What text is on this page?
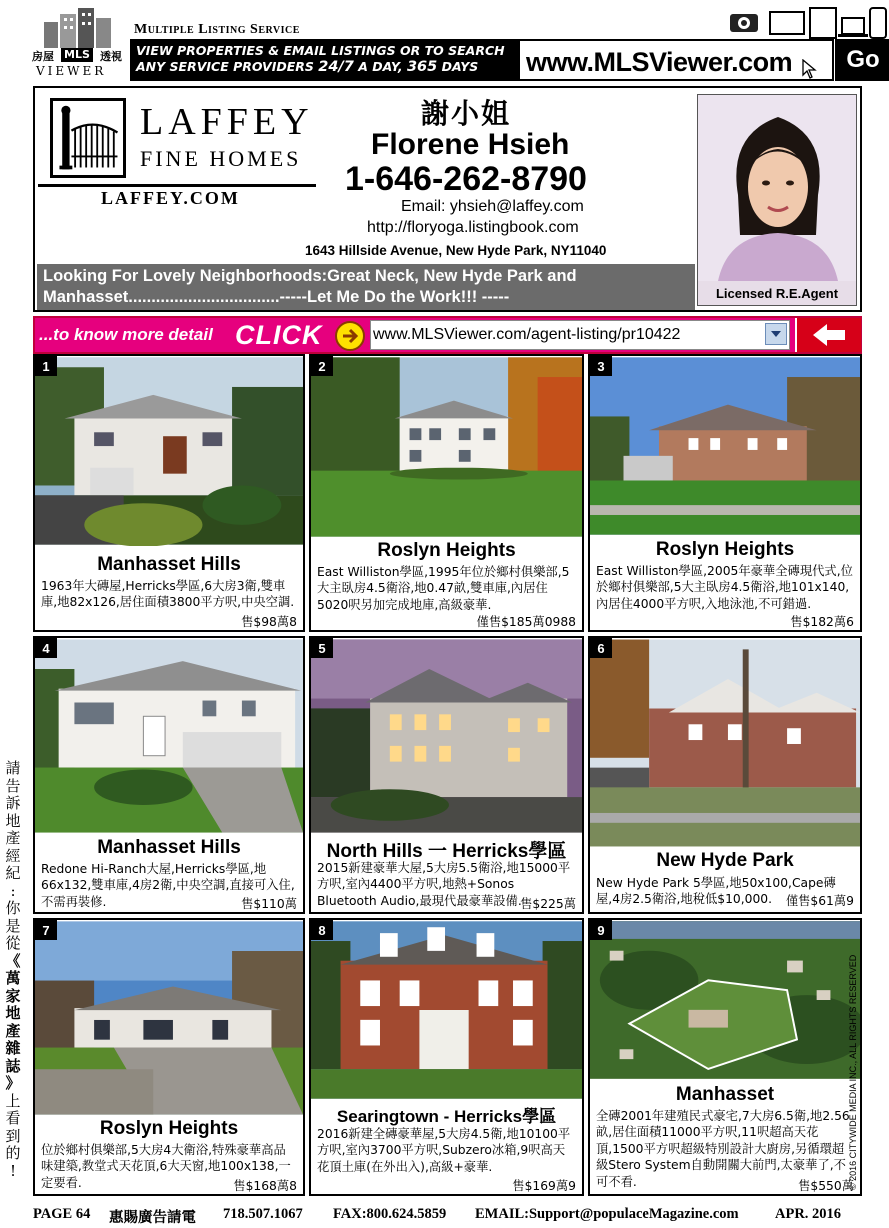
房屋 MLS 透視
VIEWER
Multiple Listing Service
VIEW PROPERTIES & EMAIL LISTINGS OR TO SEARCH
ANY SERVICE PROVIDERS 24/7 A DAY, 365 DAYS	www.MLSViewer.com	Go
LAFFEY
FINE HOMES
LAFFEY.COM
謝小姐
Florene Hsieh
1-646-262-8790
Email: yhsieh@laffey.com
http://floryoga.listingbook.com
1643 Hillside Avenue, New Hyde Park, NY11040
Licensed R.E.Agent
Looking For Lovely Neighborhoods:Great Neck, New Hyde Park and
Manhasset.................................-----Let Me Do the Work!!! -----
...to know more detail CLICK	www.MLSViewer.com/agent-listing/pr10422
1
Manhasset Hills
1963年大磚屋,Herricks學區,6大房3衛,雙車庫,地82x126,居住面積3800平方呎,中央空調.
售$98萬8
2
Roslyn Heights
East Williston學區,1995年位於鄉村俱樂部,5大主臥房4.5衛浴,地0.47畝,雙車庫,內居住5020呎另加完成地庫,高級豪華.
僅售$185萬0988
3
Roslyn Heights
East Williston學區,2005年豪華全磚現代式,位於鄉村俱樂部,5大主臥房4.5衛浴,地101x140,內居住4000平方呎,入地泳池,不可錯過.
售$182萬6
4
Manhasset Hills
Redone Hi-Ranch大屋,Herricks學區,地66x132,雙車庫,4房2衛,中央空調,直接可入住,不需再裝修.	售$110萬
5
North Hills 一 Herricks學區
2015新建豪華大屋,5大房5.5衛浴,地15000平方呎,室內4400平方呎,地熱+Sonos Bluetooth Audio,最現代最豪華設備.
售$225萬
6
New Hyde Park
New Hyde Park 5學區,地50x100,Cape磚屋,4房2.5衛浴,地稅低$10,000.	僅售$61萬9
7
Roslyn Heights
位於鄉村俱樂部,5大房4大衛浴,特殊豪華高品味建築,教堂式天花頂,6大天窗,地100x138,一定要看.	售$168萬8
8
Searingtown - Herricks學區
2016新建全磚豪華屋,5大房4.5衛,地10100平方呎,室內3700平方呎,Subzero冰箱,9呎高天花頂土庫(在外出入),高級+豪華.
售$169萬9
9
Manhasset
全磚2001年建殖民式豪宅,7大房6.5衛,地2.56畝,居住面積11000平方呎,11呎超高天花頂,1500平方呎超級特別設計大廚房,另循環超級Stero System自動開關大前門,太豪華了,不可不看.	售$550萬
請
告
訴
地
產
經
紀
:
你
是
從
《
萬
家
地
產
雜
誌
》
上
看
到
的
!	© 2016 CITYWIDE MEDIA INC., ALL RIGHTS RESERVED
PAGE 64 惠賜廣告請電 718.507.1067 FAX:800.624.5859 EMAIL:Support@populaceMagazine.com	APR. 2016
